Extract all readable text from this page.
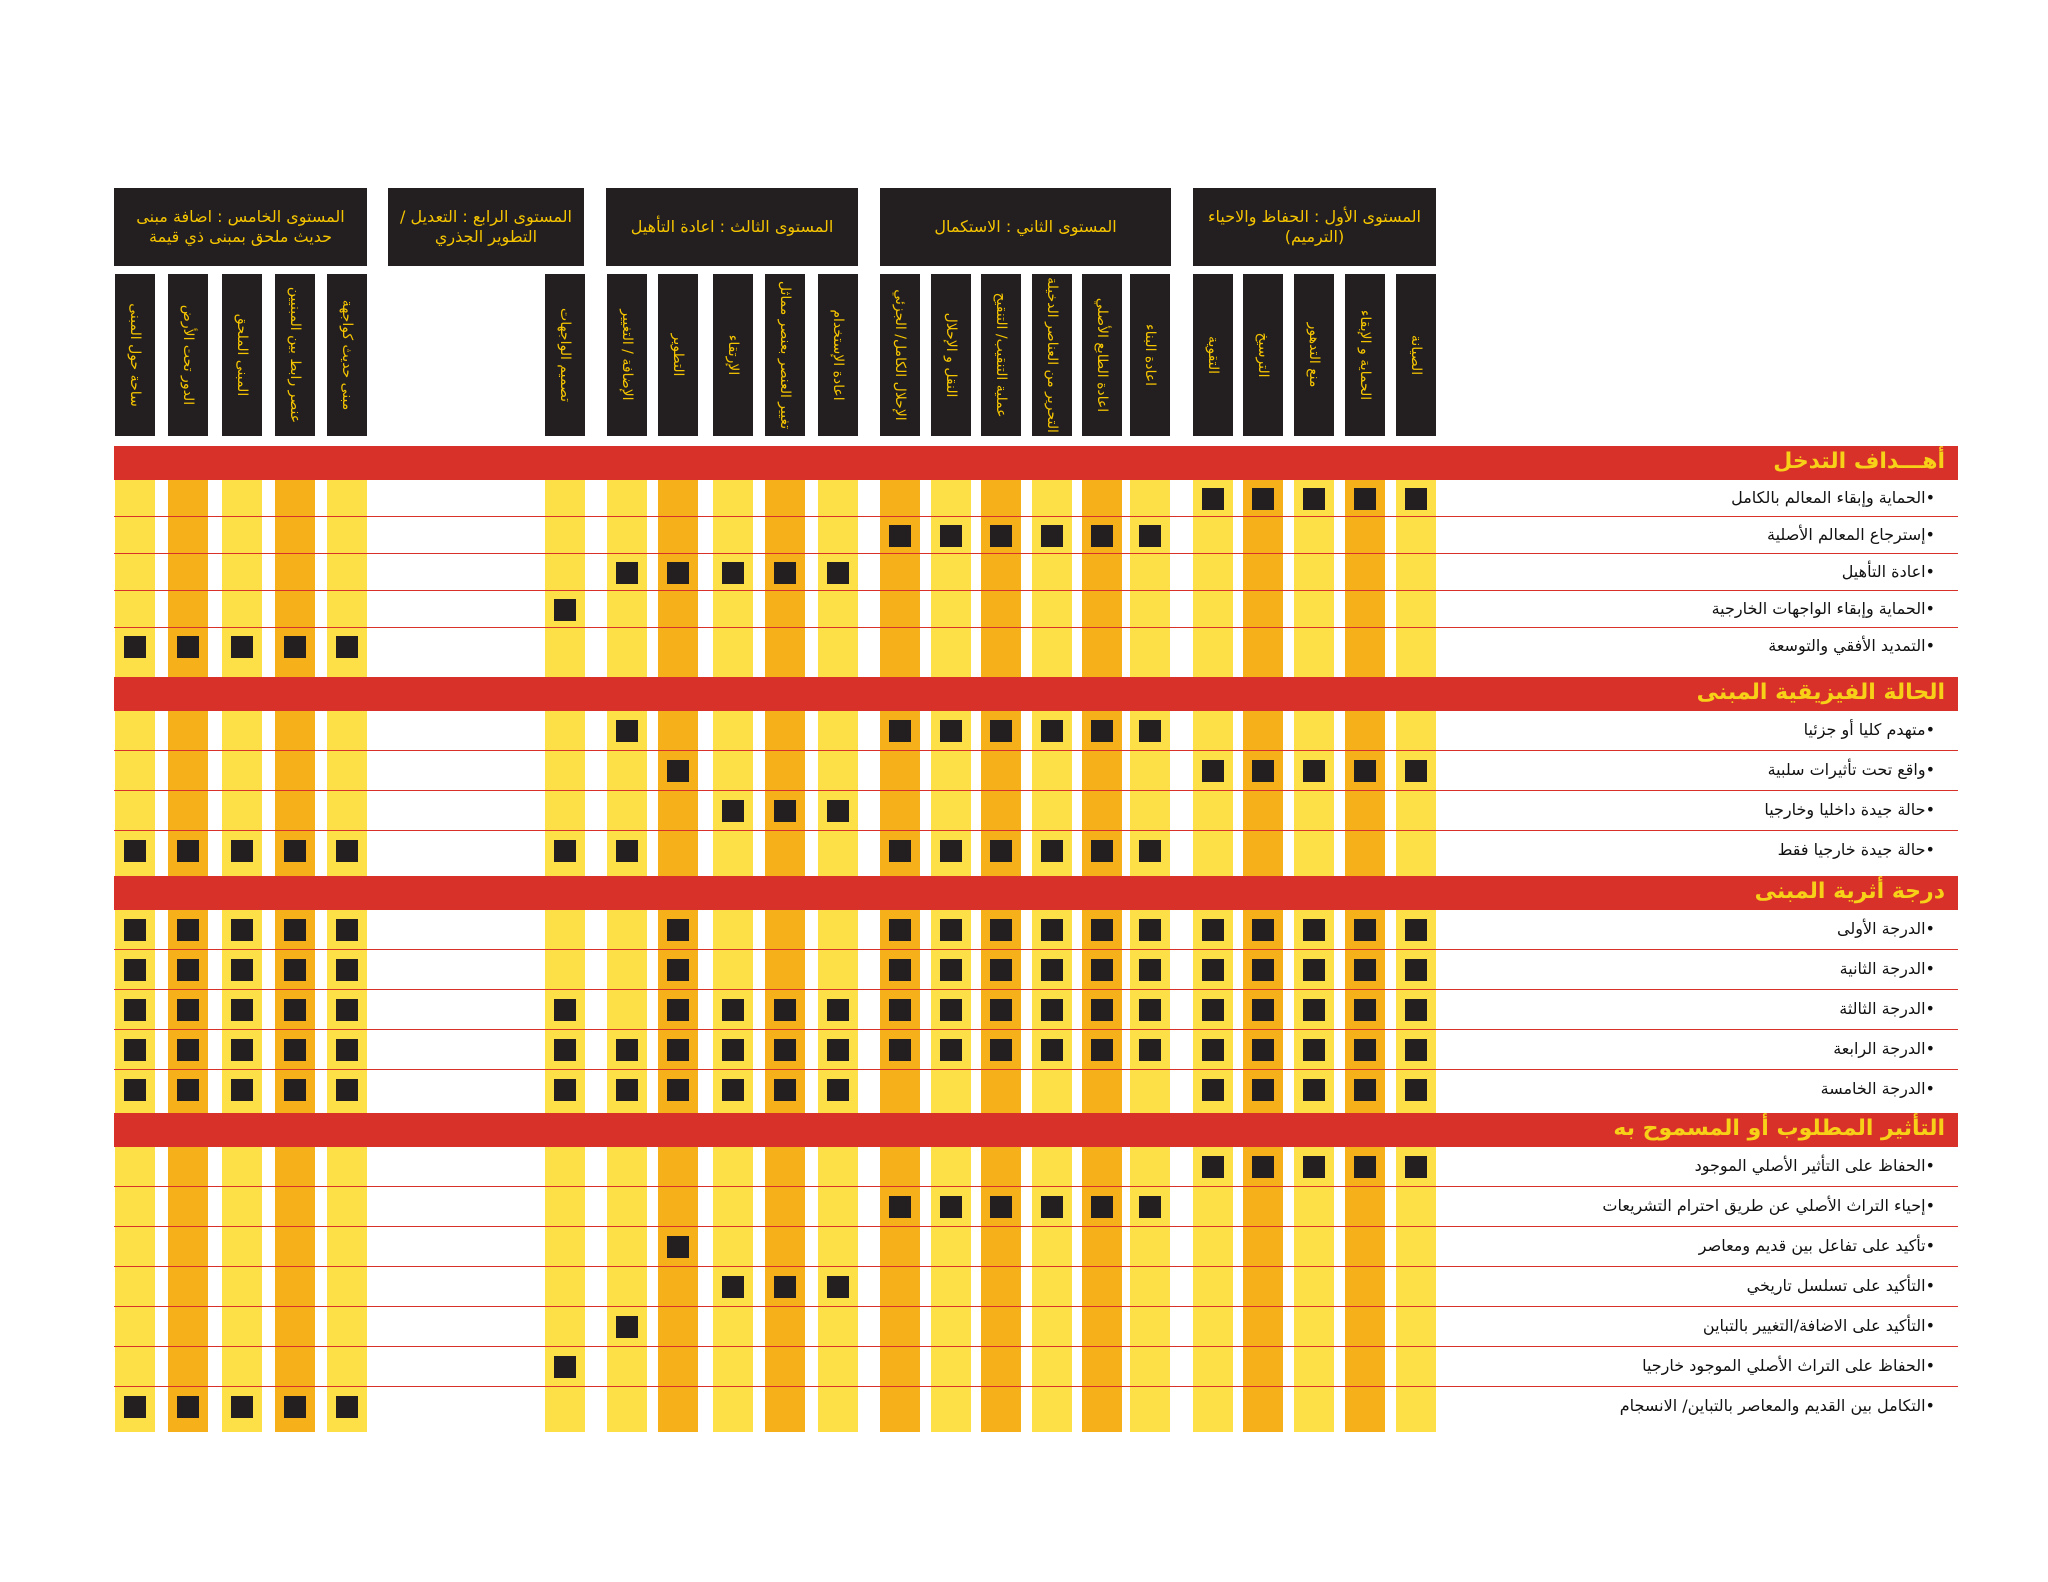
المستوى الأول : الحفاظ والاحياء (الترميم)
المستوى الثاني : الاستكمال
المستوى الثالث : اعادة التأهيل
المستوى الرابع : التعديل / التطوير الجذري
المستوى الخامس : اضافة مبنى حديث ملحق بمبنى ذي قيمة
الصيانة
الحماية و الإبقاء
منع التدهور
الترسيخ
التقوية
اعادة البناء
اعادة الطابع الأصلي
التحرير من العناصر الدخيلة
عملية التنقيب/ التنقيح
النقل و الإحلال
الإحلال الكامل/ الجزئي
اعادة الإستخدام
تغيير العنصر بعنصر مماثل
الإرتقاء
التطوير
الإضافة / التغيير
تصميم الواجهات
مبنى حديث كواجهة
عنصر رابط بين المبنيين
المبنى الملحق
الدور تحت الأرض
ساحة حول المبنى
أهـــداف التدخل
•الحماية وإبقاء المعالم بالكامل
•إسترجاع المعالم الأصلية
•اعادة التأهيل
•الحماية وإبقاء الواجهات الخارجية
•التمديد الأفقي والتوسعة
الحالة الفيزيقية المبنى
•متهدم كليا أو جزئيا
•واقع تحت تأثيرات سلبية
•حالة جيدة داخليا وخارجيا
•حالة جيدة خارجيا فقط
درجة أثرية المبنى
•الدرجة الأولى
•الدرجة الثانية
•الدرجة الثالثة
•الدرجة الرابعة
•الدرجة الخامسة
التأثير المطلوب أو المسموح به
•الحفاظ على التأثير الأصلي الموجود
•إحياء التراث الأصلي عن طريق احترام التشريعات
•تأكيد على تفاعل بين قديم ومعاصر
•التأكيد على تسلسل تاريخي
•التأكيد على الاضافة/التغيير بالتباين
•الحفاظ على التراث الأصلي الموجود خارجيا
•التكامل بين القديم والمعاصر بالتباين/ الانسجام
